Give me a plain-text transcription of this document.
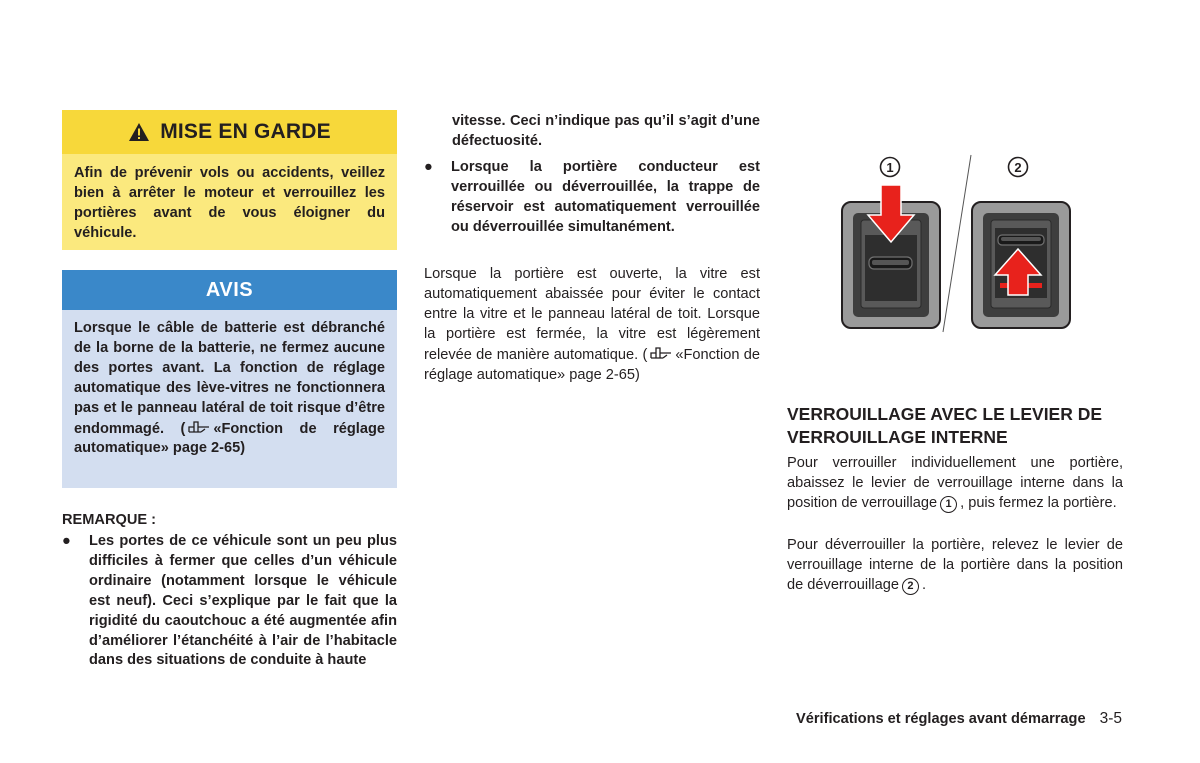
MISE EN GARDE
Afin de prévenir vols ou accidents, veillez bien à arrêter le moteur et verrouillez les portières avant de vous éloigner du véhicule.
AVIS
Lorsque le câble de batterie est débranché de la borne de la batterie, ne fermez aucune des portes avant. La fonction de réglage automatique des lève-vitres ne fonctionnera pas et le panneau latéral de toit risque d’être endommagé. ( «Fonction de réglage automatique» page 2-65)
REMARQUE :
●	Les portes de ce véhicule sont un peu plus difficiles à fermer que celles d’un véhicule ordinaire (notamment lorsque le véhicule est neuf). Ceci s’explique par le fait que la rigidité du caoutchouc a été augmentée afin d’améliorer l’étanchéité à l’air de l’habitacle dans des situations de conduite à haute
vitesse. Ceci n’indique pas qu’il s’agit d’une défectuosité.
●	Lorsque la portière conducteur est verrouillée ou déverrouillée, la trappe de réservoir est automatiquement verrouillée ou déverrouillée simultanément.
Lorsque la portière est ouverte, la vitre est automatiquement abaissée pour éviter le contact entre la vitre et le panneau latéral de toit. Lorsque la portière est fermée, la vitre est légèrement relevée de manière automatique. ( «Fonction de réglage automatique» page 2-65)
1	2
VERROUILLAGE AVEC LE LEVIER DE VERROUILLAGE INTERNE
Pour verrouiller individuellement une portière, abaissez le levier de verrouillage interne dans la position de verrouillage 1 , puis fermez la portière.
Pour déverrouiller la portière, relevez le levier de verrouillage interne de la portière dans la position de déverrouillage 2 .
Vérifications et réglages avant démarrage 3-5
